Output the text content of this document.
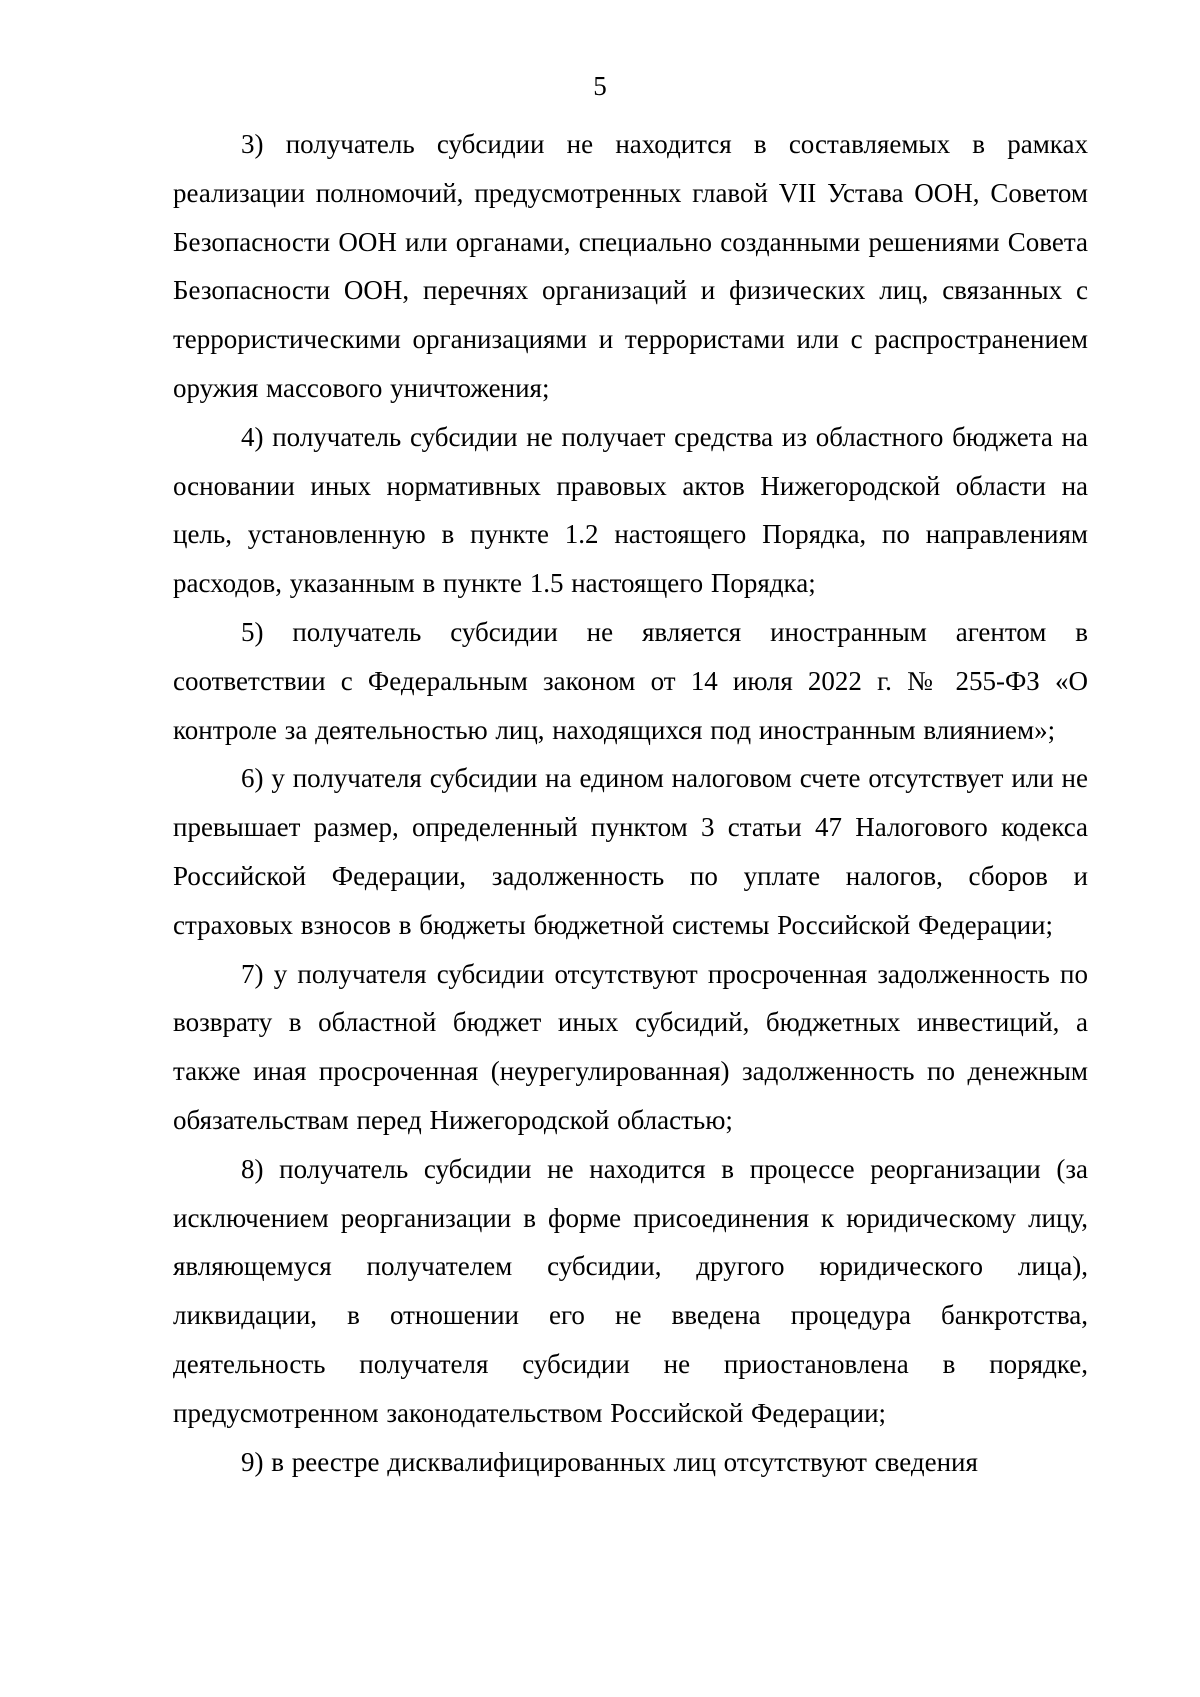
5

3) получатель субсидии не находится в составляемых в рамках реализации полномочий, предусмотренных главой VII Устава ООН, Советом Безопасности ООН или органами, специально созданными решениями Совета Безопасности ООН, перечнях организаций и физических лиц, связанных с террористическими организациями и террористами или с распространением оружия массового уничтожения;

4) получатель субсидии не получает средства из областного бюджета на основании иных нормативных правовых актов Нижегородской области на цель, установленную в пункте 1.2 настоящего Порядка, по направлениям расходов, указанным в пункте 1.5 настоящего Порядка;

5) получатель субсидии не является иностранным агентом в соответствии с Федеральным законом от 14 июля 2022 г. № 255-ФЗ «О контроле за деятельностью лиц, находящихся под иностранным влиянием»;

6) у получателя субсидии на едином налоговом счете отсутствует или не превышает размер, определенный пунктом 3 статьи 47 Налогового кодекса Российской Федерации, задолженность по уплате налогов, сборов и страховых взносов в бюджеты бюджетной системы Российской Федерации;

7) у получателя субсидии отсутствуют просроченная задолженность по возврату в областной бюджет иных субсидий, бюджетных инвестиций, а также иная просроченная (неурегулированная) задолженность по денежным обязательствам перед Нижегородской областью;

8) получатель субсидии не находится в процессе реорганизации (за исключением реорганизации в форме присоединения к юридическому лицу, являющемуся получателем субсидии, другого юридического лица), ликвидации, в отношении его не введена процедура банкротства, деятельность получателя субсидии не приостановлена в порядке, предусмотренном законодательством Российской Федерации;

9) в реестре дисквалифицированных лиц отсутствуют сведения
